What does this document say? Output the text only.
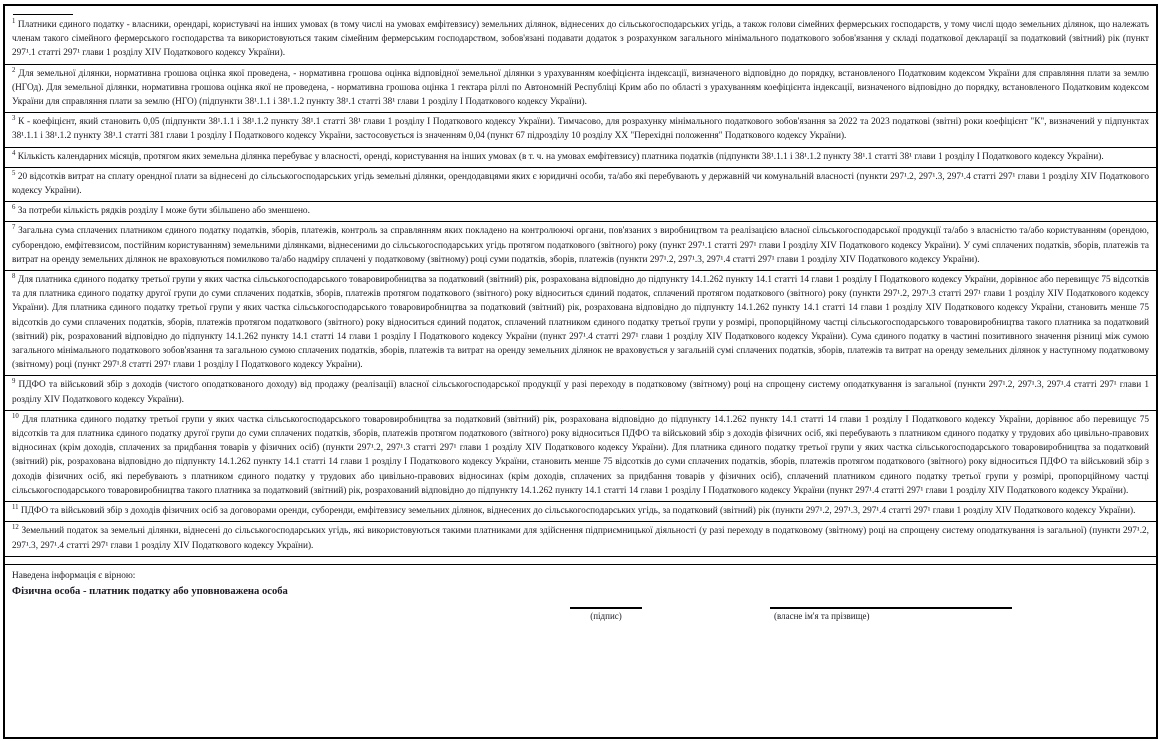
$^1$ Платники єдиного податку - власники, орендарі, користувачі на інших умовах (в тому числі на умовах емфітевзису) земельних ділянок, віднесених до сільськогосподарських угідь, а також голови сімейних фермерських господарств, у тому числі щодо земельних ділянок, що належать членам такого сімейного фермерського господарства та використовуються таким сімейним фермерським господарством, зобов'язані подавати додаток з розрахунком загального мінімального податкового зобов'язання у складі податкової декларації за податковий (звітний) рік (пункт 297¹.1 статті 297¹ глави 1 розділу XIV Податкового кодексу України).

$^2$ Для земельної ділянки, нормативна грошова оцінка якої проведена, - нормативна грошова оцінка відповідної земельної ділянки з урахуванням коефіцієнта індексації, визначеного відповідно до порядку, встановленого Податковим кодексом України для справляння плати за землю (НГОд). Для земельної ділянки, нормативна грошова оцінка якої не проведена, - нормативна грошова оцінка 1 гектара ріллі по Автономній Республіці Крим або по області з урахуванням коефіцієнта індексації, визначеного відповідно до порядку, встановленого Податковим кодексом України для справляння плати за землю (НГО) (підпункти 38¹.1.1 і 38¹.1.2 пункту 38¹.1 статті 38¹ глави 1 розділу I Податкового кодексу України).

$^3$ К - коефіцієнт, який становить 0,05 (підпункти 38¹.1.1 і 38¹.1.2 пункту 38¹.1 статті 38¹ глави 1 розділу I Податкового кодексу України). Тимчасово, для розрахунку мінімального податкового зобов'язання за 2022 та 2023 податкові (звітні) роки коефіцієнт "К", визначений у підпунктах 38¹.1.1 і 38¹.1.2 пункту 38¹.1 статті 381 глави 1 розділу I Податкового кодексу України, застосовується із значенням 0,04 (пункт 67 підрозділу 10 розділу XX "Перехідні положення" Податкового кодексу України).

$^4$ Кількість календарних місяців, протягом яких земельна ділянка перебуває у власності, оренді, користування на інших умовах (в т. ч. на умовах емфітевзису) платника податків (підпункти 38¹.1.1 і 38¹.1.2 пункту 38¹.1 статті 38¹ глави 1 розділу I Податкового кодексу України).

$^5$ 20 відсотків витрат на сплату орендної плати за віднесені до сільськогосподарських угідь земельні ділянки, орендодавцями яких є юридичні особи, та/або які перебувають у державній чи комунальній власності (пункти 297¹.2, 297¹.3, 297¹.4 статті 297¹ глави 1 розділу XIV Податкового кодексу України).

$^6$ За потреби кількість рядків розділу I може бути збільшено або зменшено.

$^7$ Загальна сума сплачених платником єдиного податку податків, зборів, платежів, контроль за справлянням яких покладено на контролюючі органи, пов'язаних з виробництвом та реалізацією власної сільськогосподарської продукції та/або з власністю та/або користуванням (орендою, суборендою, емфітевзисом, постійним користуванням) земельними ділянками, віднесеними до сільськогосподарських угідь протягом податкового (звітного) року (пункт 297¹.1 статті 297¹ глави I розділу XIV Податкового кодексу України). У сумі сплачених податків, зборів, платежів та витрат на оренду земельних ділянок не враховуються помилково та/або надміру сплачені у податковому (звітному) році суми податків, зборів, платежів (пункти 297¹.2, 297¹.3, 297¹.4 статті 297¹ глави 1 розділу XIV Податкового кодексу України).

$^8$ Для платника єдиного податку третьої групи у яких частка сільськогосподарського товаровиробництва за податковий (звітний) рік, розрахована відповідно до підпункту 14.1.262 пункту 14.1 статті 14 глави 1 розділу I Податкового кодексу України, дорівнює або перевищує 75 відсотків та для платника єдиного податку другої групи до суми сплачених податків, зборів, платежів протягом податкового (звітного) року відноситься єдиний податок, сплачений протягом податкового (звітного) року (пункти 297¹.2, 297¹.3 статті 297¹ глави 1 розділу XIV Податкового кодексу України). Для платника єдиного податку третьої групи у яких частка сільськогосподарського товаровиробництва за податковий (звітний) рік, розрахована відповідно до підпункту 14.1.262 пункту 14.1 статті 14 глави 1 розділу XIV Податкового кодексу України, становить менше 75 відсотків до суми сплачених податків, зборів, платежів протягом податкового (звітного) року відноситься єдиний податок, сплачений платником єдиного податку третьої групи у розмірі, пропорційному частці сільськогосподарського товаровиробництва такого платника за податковий (звітний) рік, розрахований відповідно до підпункту 14.1.262 пункту 14.1 статті 14 глави 1 розділу I Податкового кодексу України (пункт 297¹.4 статті 297¹ глави 1 розділу XIV Податкового кодексу України). Сума єдиного податку в частині позитивного значення різниці між сумою загального мінімального податкового зобов'язання та загальною сумою сплачених податків, зборів, платежів та витрат на оренду земельних ділянок не враховується у загальній сумі сплачених податків, зборів, платежів та витрат на оренду земельних ділянок у наступному податковому (звітному) році (пункт 297¹.8 статті 297¹ глави 1 розділу I Податкового кодексу України).

$^9$ ПДФО та військовий збір з доходів (чистого оподаткованого доходу) від продажу (реалізації) власної сільськогосподарської продукції у разі переходу в податковому (звітному) році на спрощену систему оподаткування із загальної (пункти 297¹.2, 297¹.3, 297¹.4 статті 297¹ глави 1 розділу XIV Податкового кодексу України).

$^{10}$ Для платника єдиного податку третьої групи у яких частка сільськогосподарського товаровиробництва за податковий (звітний) рік, розрахована відповідно до підпункту 14.1.262 пункту 14.1 статті 14 глави 1 розділу I Податкового кодексу України, дорівнює або перевищує 75 відсотків та для платника єдиного податку другої групи до суми сплачених податків, зборів, платежів протягом податкового (звітного) року відноситься ПДФО та військовий збір з доходів фізичних осіб, які перебувають з платником єдиного податку у трудових або цивільно-правових відносинах (крім доходів, сплачених за придбання товарів у фізичних осіб) (пункти 297¹.2, 297¹.3 статті 297¹ глави 1 розділу XIV Податкового кодексу України). Для платника єдиного податку третьої групи у яких частка сільськогосподарського товаровиробництва за податковий (звітний) рік, розрахована відповідно до підпункту 14.1.262 пункту 14.1 статті 14 глави 1 розділу I Податкового кодексу України, становить менше 75 відсотків до суми сплачених податків, зборів, платежів протягом податкового (звітного) року відноситься ПДФО та військовий збір з доходів фізичних осіб, які перебувають з платником єдиного податку у трудових або цивільно-правових відносинах (крім доходів, сплачених за придбання товарів у фізичних осіб), сплачений платником єдиного податку третьої групи у розмірі, пропорційному частці сільськогосподарського товаровиробництва такого платника за податковий (звітний) рік, розрахований відповідно до підпункту 14.1.262 пункту 14.1 статті 14 глави 1 розділу I Податкового кодексу України (пункт 297¹.4 статті 297¹ глави 1 розділу XIV Податкового кодексу України).

$^{11}$ ПДФО та військовий збір з доходів фізичних осіб за договорами оренди, суборенди, емфітевзису земельних ділянок, віднесених до сільськогосподарських угідь, за податковий (звітний) рік (пункти 297¹.2, 297¹.3, 297¹.4 статті 297¹ глави 1 розділу XIV Податкового кодексу України).

$^{12}$ Земельний податок за земельні ділянки, віднесені до сільськогосподарських угідь, які використовуються такими платниками для здійснення підприємницької діяльності (у разі переходу в податковому (звітному) році на спрощену систему оподаткування із загальної) (пункти 297¹.2, 297¹.3, 297¹.4 статті 297¹ глави 1 розділу XIV Податкового кодексу України).

Наведена інформація є вірною:

Фізична особа - платник податку або уповноважена особа

(підпис)	(власне ім'я та прізвище)
